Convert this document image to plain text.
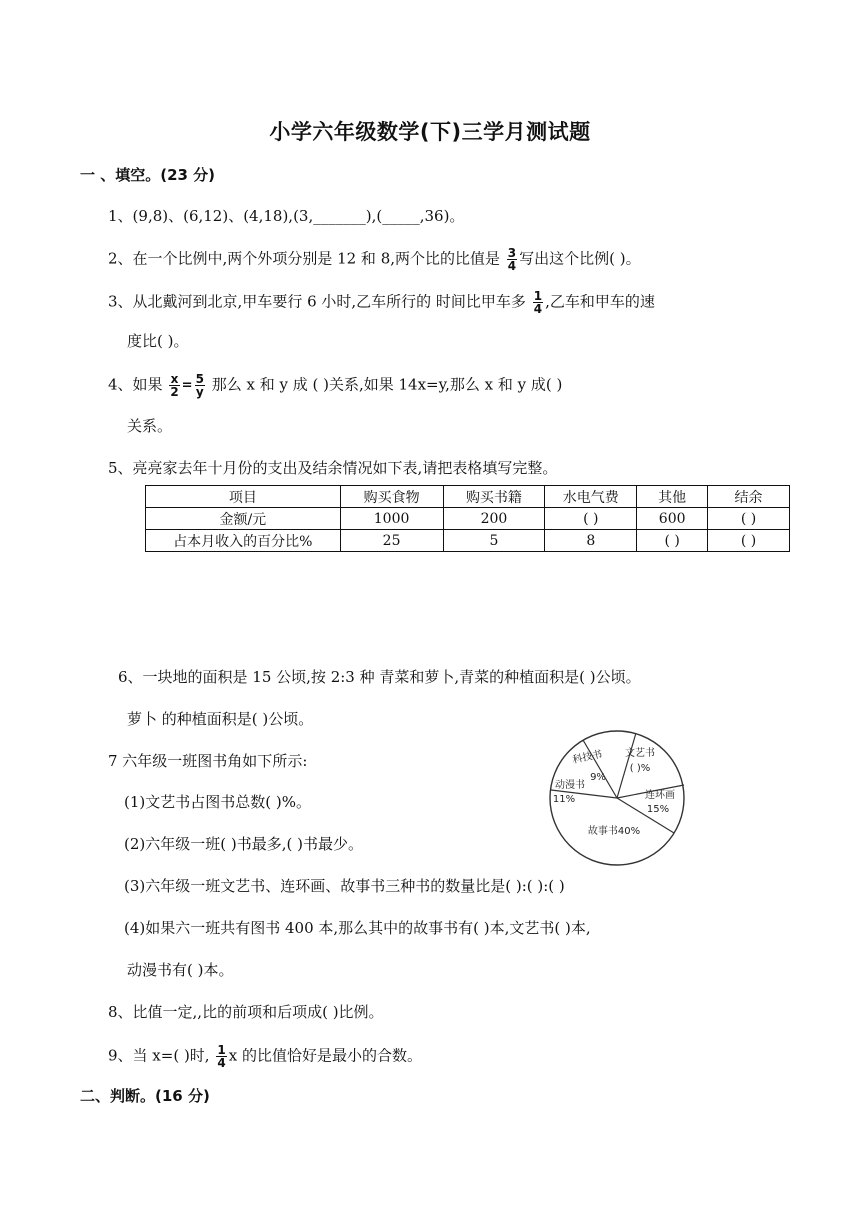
小学六年级数学(下)三学月测试题
一 、填空。(23 分)
1、(9,8)、(6,12)、(4,18),(3,_______),(_____,36)。
2、在一个比例中,两个外项分别是 12 和 8,两个比的比值是 $\frac{3}{4}$ 写出这个比例( )。
3、从北戴河到北京,甲车要行 6 小时,乙车所行的 时间比甲车多 $\frac{1}{4}$ ,乙车和甲车的速
度比( )。
4、如果 $\frac{x}{2} = \frac{5}{y}$ 那么 x 和 y 成 ( )关系,如果 14x=y,那么 x 和 y 成( )
关系。
5、亮亮家去年十月份的支出及结余情况如下表,请把表格填写完整。
项目	购买食物	购买书籍	水电气费	其他	结余
金额/元	1000	200	( )	600	( )
占本月收入的百分比%	25	5	8	( )	( )
6、一块地的面积是 15 公顷,按 2:3 种 青菜和萝卜,青菜的种植面积是( )公顷。
萝卜 的种植面积是( )公顷。
7 六年级一班图书角如下所示:
(1)文艺书占图书总数( )%。
(2)六年级一班( )书最多,( )书最少。
(3)六年级一班文艺书、连环画、故事书三种书的数量比是( ):( ):( )
(4)如果六一班共有图书 400 本,那么其中的故事书有( )本,文艺书( )本,
动漫书有( )本。
文艺书
( )%
科技书
9%
动漫书
11%	连环画
15%
故事书40%
8、比值一定,,比的前项和后项成( )比例。
9、当 x=( )时, $\frac{1}{4}$ x 的比值恰好是最小的合数。
二、判断。(16 分)
